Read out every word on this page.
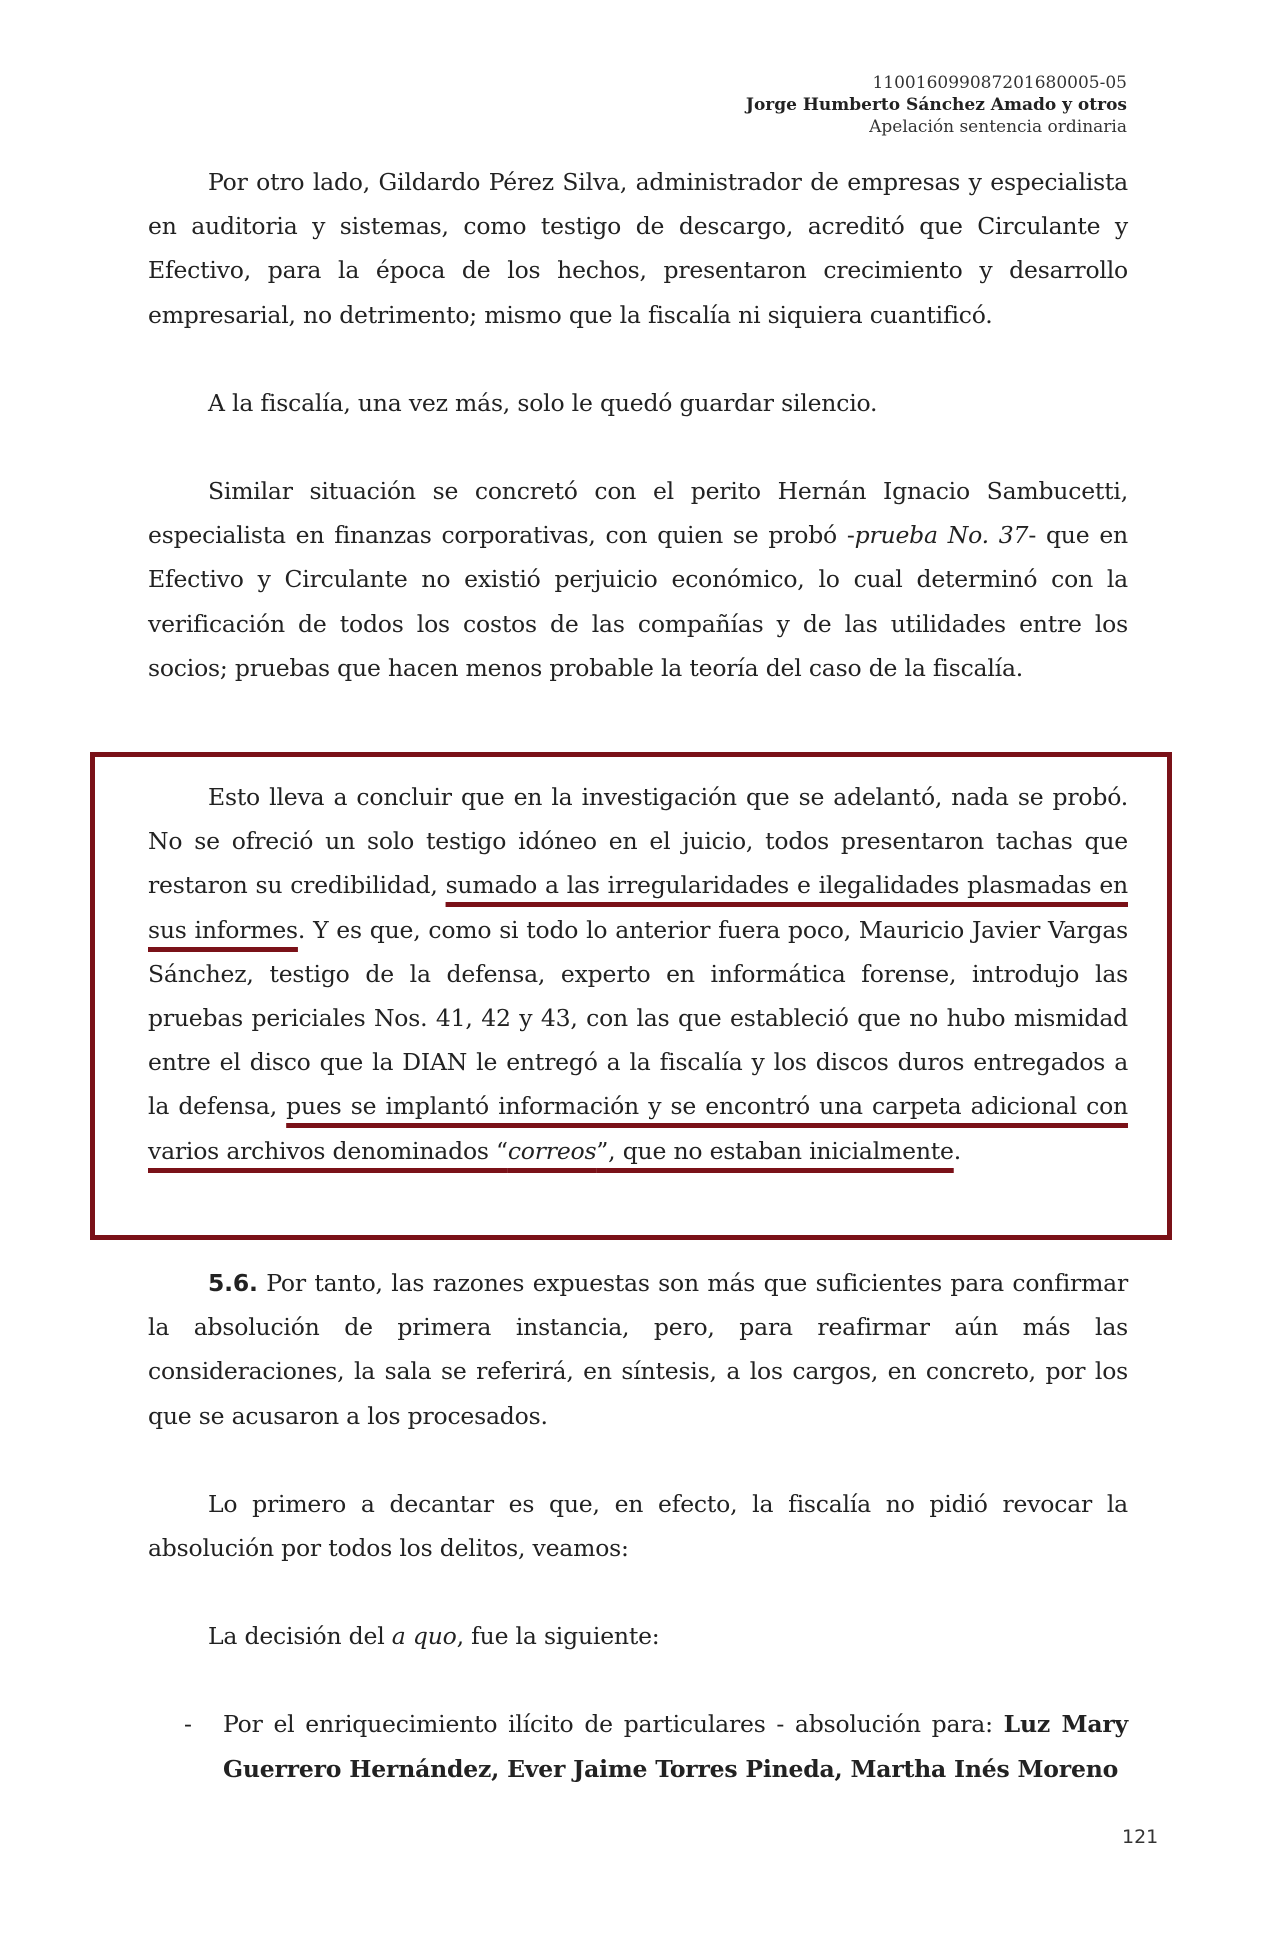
110016099087201680005-05
Jorge Humberto Sánchez Amado y otros
Apelación sentencia ordinaria

Por otro lado, Gildardo Pérez Silva, administrador de empresas y especialista en auditoria y sistemas, como testigo de descargo, acreditó que Circulante y Efectivo, para la época de los hechos, presentaron crecimiento y desarrollo empresarial, no detrimento; mismo que la fiscalía ni siquiera cuantificó.

A la fiscalía, una vez más, solo le quedó guardar silencio.

Similar situación se concretó con el perito Hernán Ignacio Sambucetti, especialista en finanzas corporativas, con quien se probó -prueba No. 37- que en Efectivo y Circulante no existió perjuicio económico, lo cual determinó con la verificación de todos los costos de las compañías y de las utilidades entre los socios; pruebas que hacen menos probable la teoría del caso de la fiscalía.

Esto lleva a concluir que en la investigación que se adelantó, nada se probó. No se ofreció un solo testigo idóneo en el juicio, todos presentaron tachas que restaron su credibilidad, sumado a las irregularidades e ilegalidades plasmadas en sus informes. Y es que, como si todo lo anterior fuera poco, Mauricio Javier Vargas Sánchez, testigo de la defensa, experto en informática forense, introdujo las pruebas periciales Nos. 41, 42 y 43, con las que estableció que no hubo mismidad entre el disco que la DIAN le entregó a la fiscalía y los discos duros entregados a la defensa, pues se implantó información y se encontró una carpeta adicional con varios archivos denominados “correos”, que no estaban inicialmente.

5.6. Por tanto, las razones expuestas son más que suficientes para confirmar la absolución de primera instancia, pero, para reafirmar aún más las consideraciones, la sala se referirá, en síntesis, a los cargos, en concreto, por los que se acusaron a los procesados.

Lo primero a decantar es que, en efecto, la fiscalía no pidió revocar la absolución por todos los delitos, veamos:

La decisión del a quo, fue la siguiente:

-	Por el enriquecimiento ilícito de particulares - absolución para: Luz Mary Guerrero Hernández, Ever Jaime Torres Pineda, Martha Inés Moreno

121
